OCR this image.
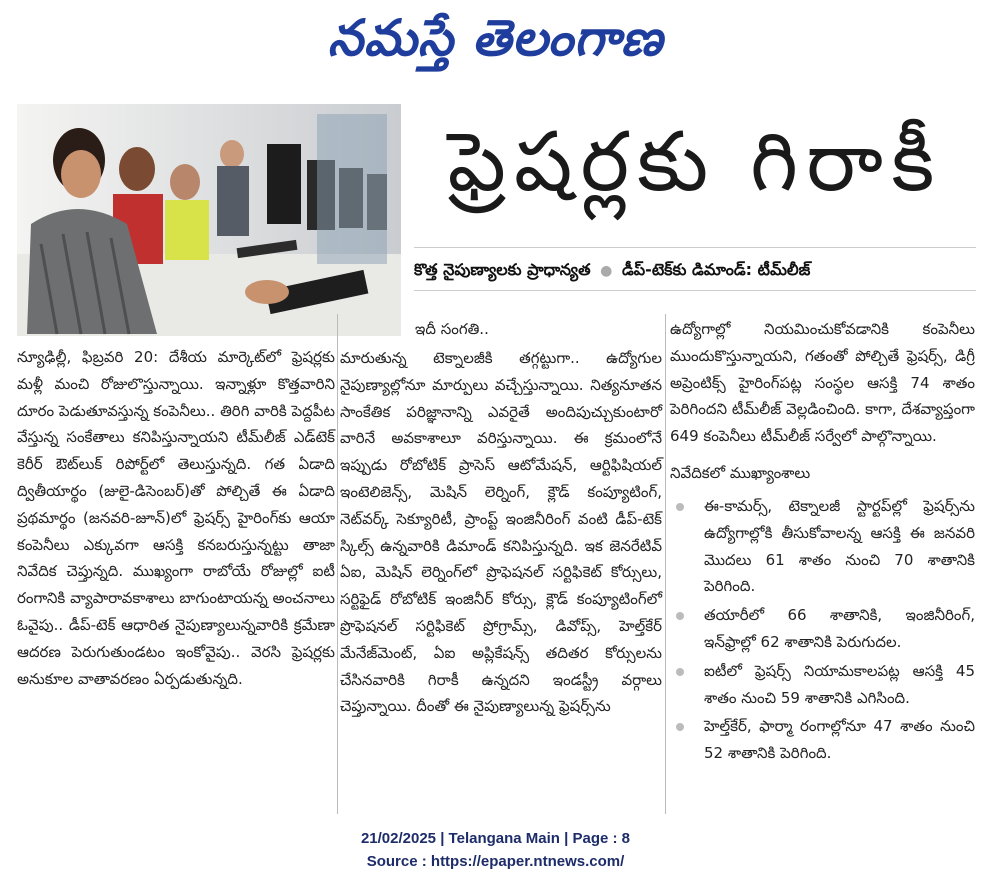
నమస్తే తెలంగాణ
ఫ్రెషర్లకు గిరాకీ
కొత్త నైపుణ్యాలకు ప్రాధాన్యత ● డీప్-టెక్‌కు డిమాండ్: టీమ్‌లీజ్

న్యూఢిల్లీ, ఫిబ్రవరి 20: దేశీయ మార్కెట్‌లో ఫ్రెషర్లకు మళ్లీ మంచి రోజులొస్తున్నాయి. ఇన్నాళ్లూ కొత్తవారిని దూరం పెడుతూవస్తున్న కంపెనీలు.. తిరిగి వారికి పెద్దపీట వేస్తున్న సంకేతాలు కనిపిస్తున్నాయని టీమ్‌లీజ్ ఎడ్‌టెక్ కెరీర్ ఔట్‌లుక్ రిపోర్ట్‌లో తెలుస్తున్నది. గత ఏడాది ద్వితీయార్థం (జులై-డిసెంబర్)తో పోల్చితే ఈ ఏడాది ప్రథమార్థం (జనవరి-జూన్)లో ఫ్రెషర్స్ హైరింగ్‌కు ఆయా కంపెనీలు ఎక్కువగా ఆసక్తి కనబరుస్తున్నట్టు తాజా నివేదిక చెప్తున్నది. ముఖ్యంగా రాబోయే రోజుల్లో ఐటీ రంగానికి వ్యాపారావకాశాలు బాగుంటాయన్న అంచనాలు ఓవైపు.. డీప్-టెక్ ఆధారిత నైపుణ్యాలున్నవారికి క్రమేణా ఆదరణ పెరుగుతుండటం ఇంకోవైపు.. వెరసి ఫ్రెషర్లకు అనుకూల వాతావరణం ఏర్పడుతున్నది.

ఇదీ సంగతి..

మారుతున్న టెక్నాలజీకి తగ్గట్టుగా.. ఉద్యోగుల నైపుణ్యాల్లోనూ మార్పులు వచ్చేస్తున్నాయి. నిత్యనూతన సాంకేతిక పరిజ్ఞానాన్ని ఎవరైతే అందిపుచ్చుకుంటారో వారినే అవకాశాలూ వరిస్తున్నాయి. ఈ క్రమంలోనే ఇప్పుడు రోబోటిక్ ప్రాసెస్ ఆటోమేషన్, ఆర్టిఫిషియల్ ఇంటెలిజెన్స్, మెషిన్ లెర్నింగ్, క్లౌడ్ కంప్యూటింగ్, నెట్‌వర్క్ సెక్యూరిటీ, ప్రాంప్ట్ ఇంజినీరింగ్ వంటి డీప్-టెక్ స్కిల్స్ ఉన్నవారికి డిమాండ్ కనిపిస్తున్నది. ఇక జెనరేటివ్ ఏఐ, మెషిన్ లెర్నింగ్‌లో ప్రొఫెషనల్ సర్టిఫికెట్ కోర్సులు, సర్టిఫైడ్ రోబోటిక్ ఇంజినీర్ కోర్సు, క్లౌడ్ కంప్యూటింగ్‌లో ప్రొఫెషనల్ సర్టిఫికెట్ ప్రోగ్రామ్స్, డివోప్స్, హెల్త్‌కేర్ మేనేజ్‌మెంట్, ఏఐ అప్లికేషన్స్ తదితర కోర్సులను చేసినవారికి గిరాకీ ఉన్నదని ఇండస్ట్రీ వర్గాలు చెప్తున్నాయి. దీంతో ఈ నైపుణ్యాలున్న ఫ్రెషర్స్‌ను

ఉద్యోగాల్లో నియమించుకోవడానికి కంపెనీలు ముందుకొస్తున్నాయని, గతంతో పోల్చితే ఫ్రెషర్స్, డిగ్రీ అప్రెంటిక్స్ హైరింగ్‌పట్ల సంస్థల ఆసక్తి 74 శాతం పెరిగిందని టీమ్‌లీజ్ వెల్లడించింది. కాగా, దేశవ్యాప్తంగా 649 కంపెనీలు టీమ్‌లీజ్ సర్వేలో పాల్గొన్నాయి.

నివేదికలో ముఖ్యాంశాలు
ఈ-కామర్స్, టెక్నాలజీ స్టార్టప్‌ల్లో ఫ్రెషర్స్‌ను ఉద్యోగాల్లోకి తీసుకోవాలన్న ఆసక్తి ఈ జనవరి మొదలు 61 శాతం నుంచి 70 శాతానికి పెరిగింది.
తయారీలో 66 శాతానికి, ఇంజినీరింగ్, ఇన్‌ఫ్రాల్లో 62 శాతానికి పెరుగుదల.
ఐటీలో ఫ్రెషర్స్ నియామకాలపట్ల ఆసక్తి 45 శాతం నుంచి 59 శాతానికి ఎగిసింది.
హెల్త్‌కేర్, ఫార్మా రంగాల్లోనూ 47 శాతం నుంచి 52 శాతానికి పెరిగింది.
21/02/2025 | Telangana Main | Page : 8
Source : https://epaper.ntnews.com/
